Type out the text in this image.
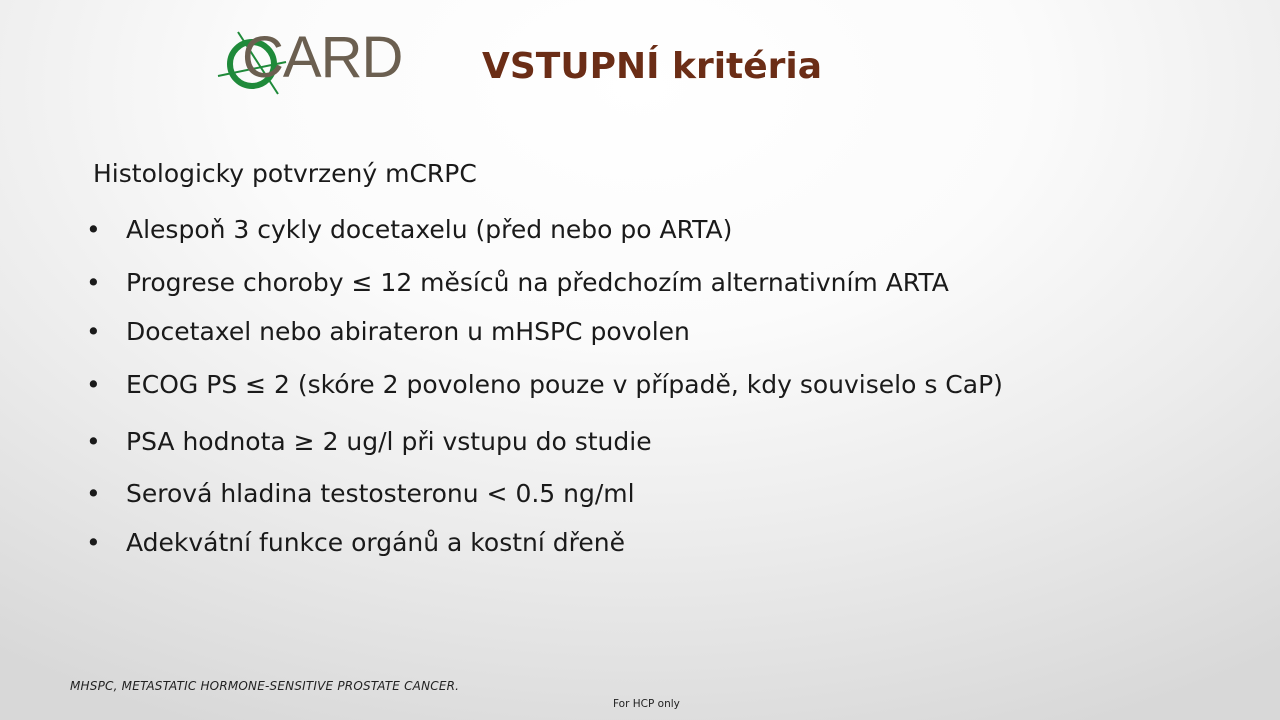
CARD VSTUPNÍ kritéria
Histologicky potvrzený mCRPC
• Alespoň 3 cykly docetaxelu (před nebo po ARTA)
• Progrese choroby ≤ 12 měsíců na předchozím alternativním ARTA
• Docetaxel nebo abirateron u mHSPC povolen
• ECOG PS ≤ 2 (skóre 2 povoleno pouze v případě, kdy souviselo s CaP)
• PSA hodnota ≥ 2 ug/l při vstupu do studie
• Serová hladina testosteronu < 0.5 ng/ml
• Adekvátní funkce orgánů a kostní dřeně
MHSPC, METASTATIC HORMONE-SENSITIVE PROSTATE CANCER.
For HCP only
